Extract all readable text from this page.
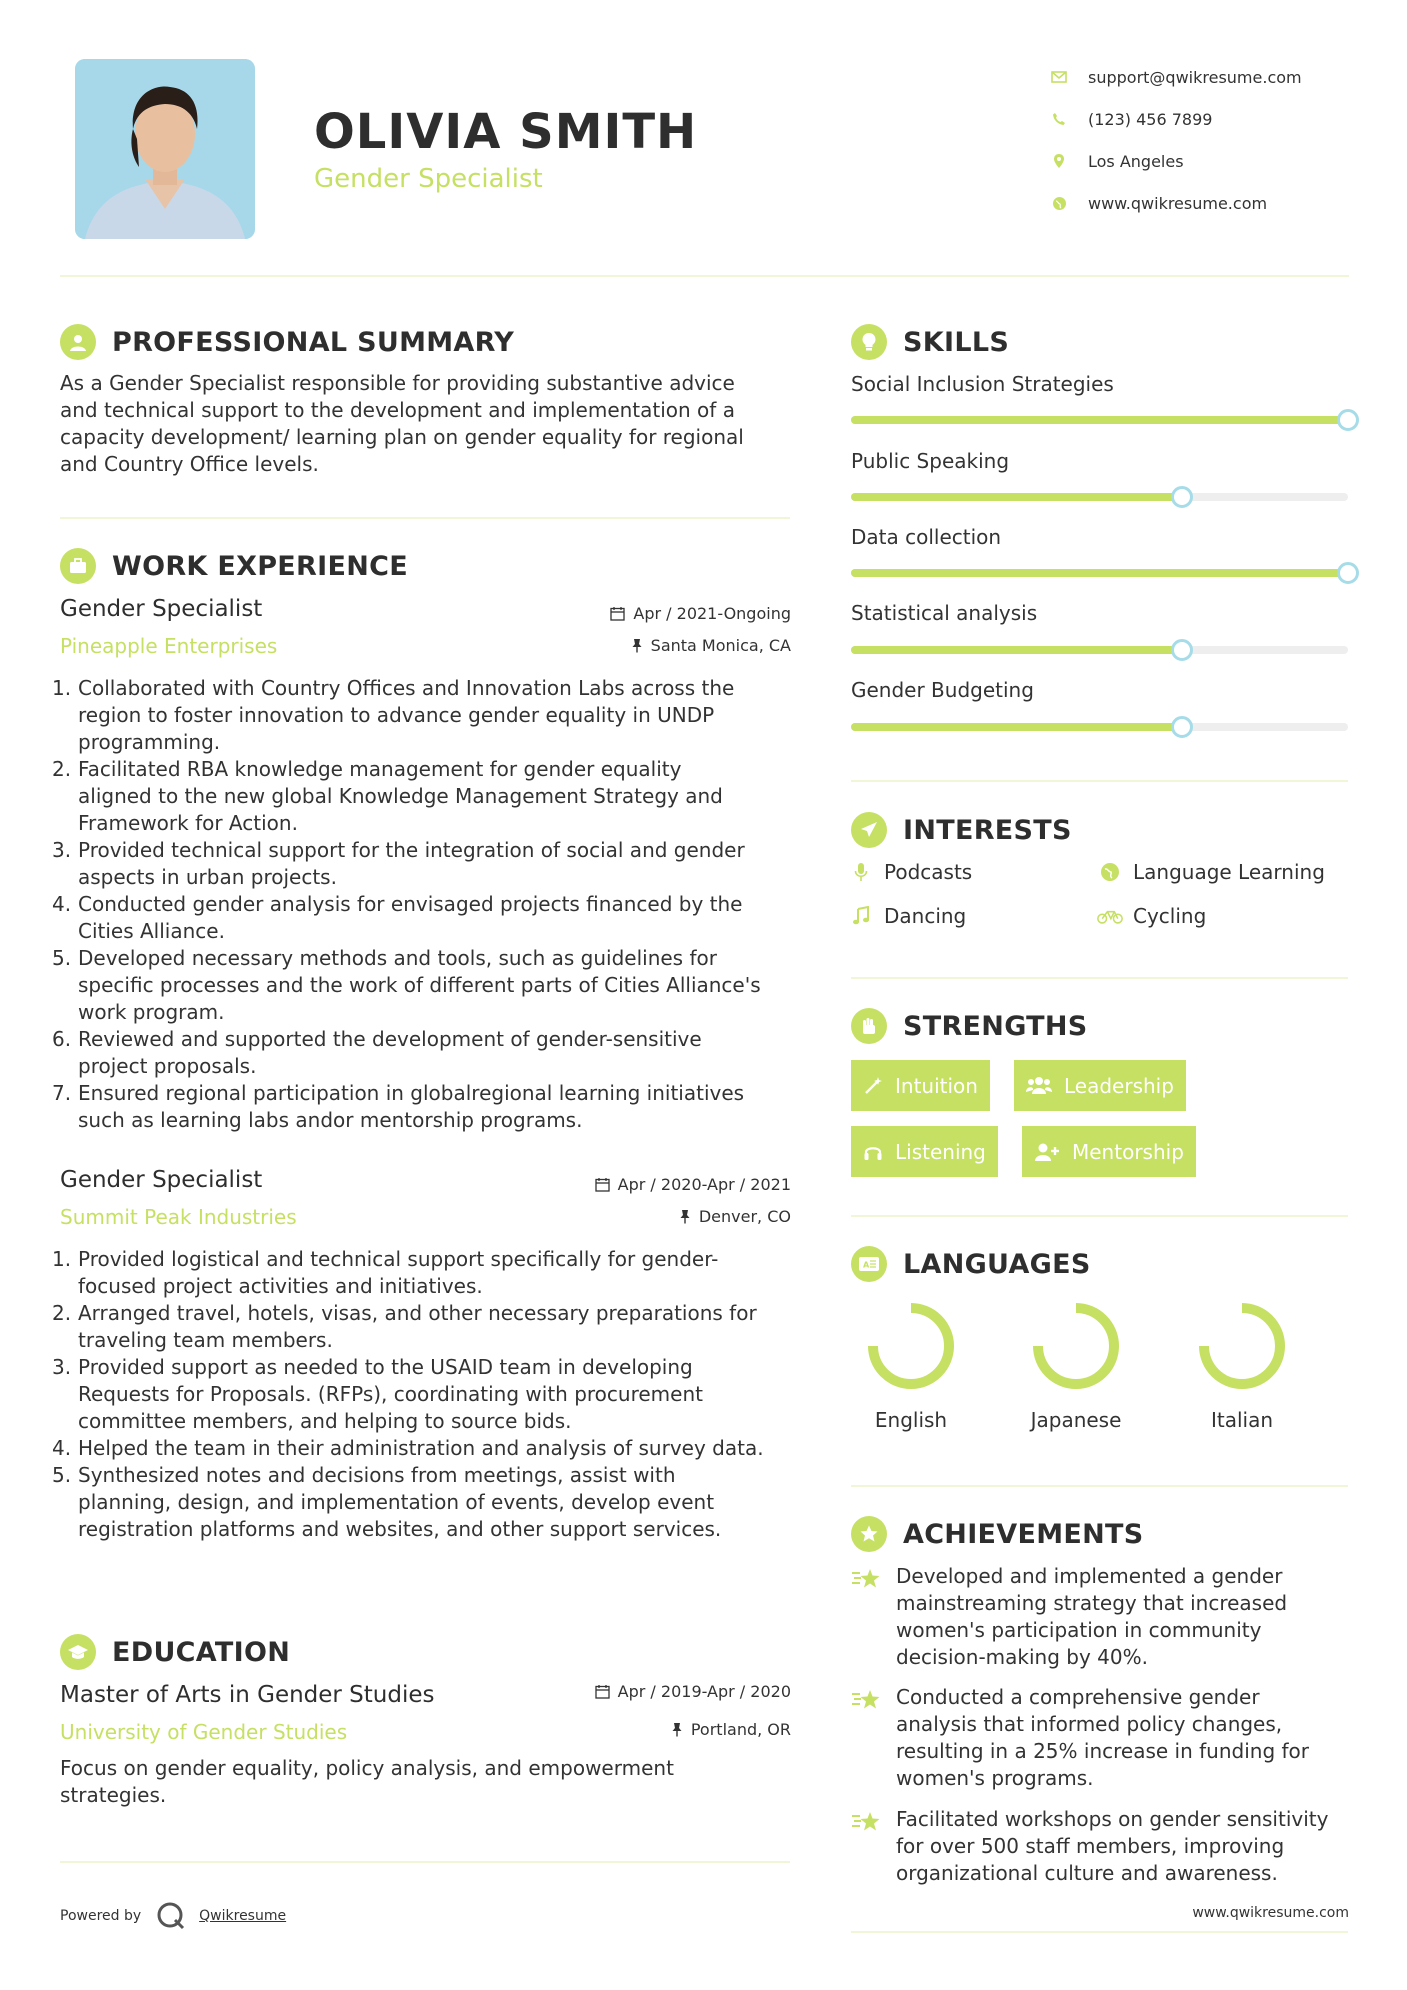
OLIVIA SMITH
Gender Specialist
support@qwikresume.com
(123) 456 7899
Los Angeles
www.qwikresume.com
PROFESSIONAL SUMMARY
As a Gender Specialist responsible for providing substantive advice
and technical support to the development and implementation of a
capacity development/ learning plan on gender equality for regional
and Country Office levels.
WORK EXPERIENCE
Gender Specialist
Pineapple Enterprises
Apr / 2021-Ongoing
Santa Monica, CA
1. Collaborated with Country Offices and Innovation Labs across the
region to foster innovation to advance gender equality in UNDP
programming.
2. Facilitated RBA knowledge management for gender equality
aligned to the new global Knowledge Management Strategy and
Framework for Action.
3. Provided technical support for the integration of social and gender
aspects in urban projects.
4. Conducted gender analysis for envisaged projects financed by the
Cities Alliance.
5. Developed necessary methods and tools, such as guidelines for
specific processes and the work of different parts of Cities Alliance's
work program.
6. Reviewed and supported the development of gender-sensitive
project proposals.
7. Ensured regional participation in globalregional learning initiatives
such as learning labs andor mentorship programs.
Gender Specialist
Summit Peak Industries
Apr / 2020-Apr / 2021
Denver, CO
1. Provided logistical and technical support specifically for gender-
focused project activities and initiatives.
2. Arranged travel, hotels, visas, and other necessary preparations for
traveling team members.
3. Provided support as needed to the USAID team in developing
Requests for Proposals. (RFPs), coordinating with procurement
committee members, and helping to source bids.
4. Helped the team in their administration and analysis of survey data.
5. Synthesized notes and decisions from meetings, assist with
planning, design, and implementation of events, develop event
registration platforms and websites, and other support services.
EDUCATION
Master of Arts in Gender Studies
University of Gender Studies
Apr / 2019-Apr / 2020
Portland, OR
Focus on gender equality, policy analysis, and empowerment
strategies.
SKILLS
Social Inclusion Strategies
Public Speaking
Data collection
Statistical analysis
Gender Budgeting
INTERESTS
Podcasts	Language Learning
Dancing	Cycling
STRENGTHS
Intuition	Leadership
Listening	Mentorship
A LANGUAGES
English	Japanese	Italian
ACHIEVEMENTS
Developed and implemented a gender
mainstreaming strategy that increased
women's participation in community
decision-making by 40%.
Conducted a comprehensive gender
analysis that informed policy changes,
resulting in a 25% increase in funding for
women's programs.
Facilitated workshops on gender sensitivity
for over 500 staff members, improving
organizational culture and awareness.
Powered by	Qwikresume	www.qwikresume.com
